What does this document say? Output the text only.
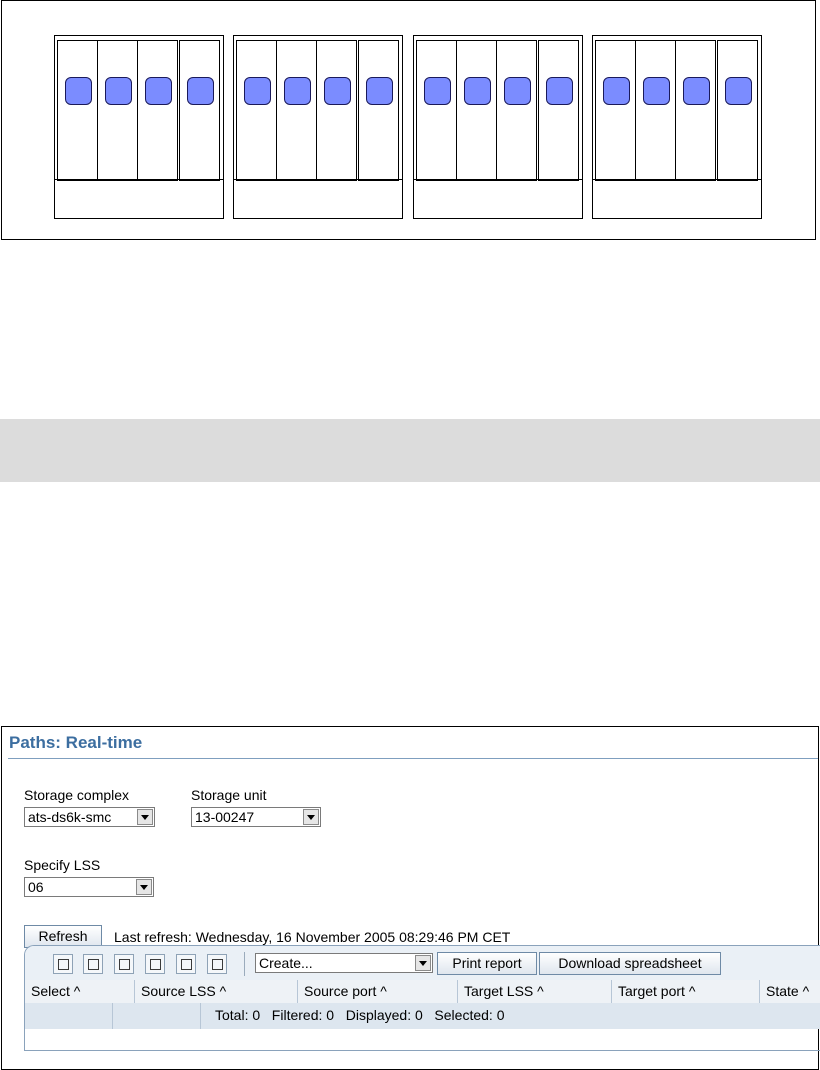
Paths: Real-time
Storage complex
ats-ds6k-smc
Storage unit
13-00247
Specify LSS
06
Refresh	Last refresh: Wednesday, 16 November 2005 08:29:46 PM CET
Create...	Print report	Download spreadsheet
Select ^	Source LSS ^	Source port ^	Target LSS ^	Target port ^	State ^
Total: 0   Filtered: 0   Displayed: 0   Selected: 0
